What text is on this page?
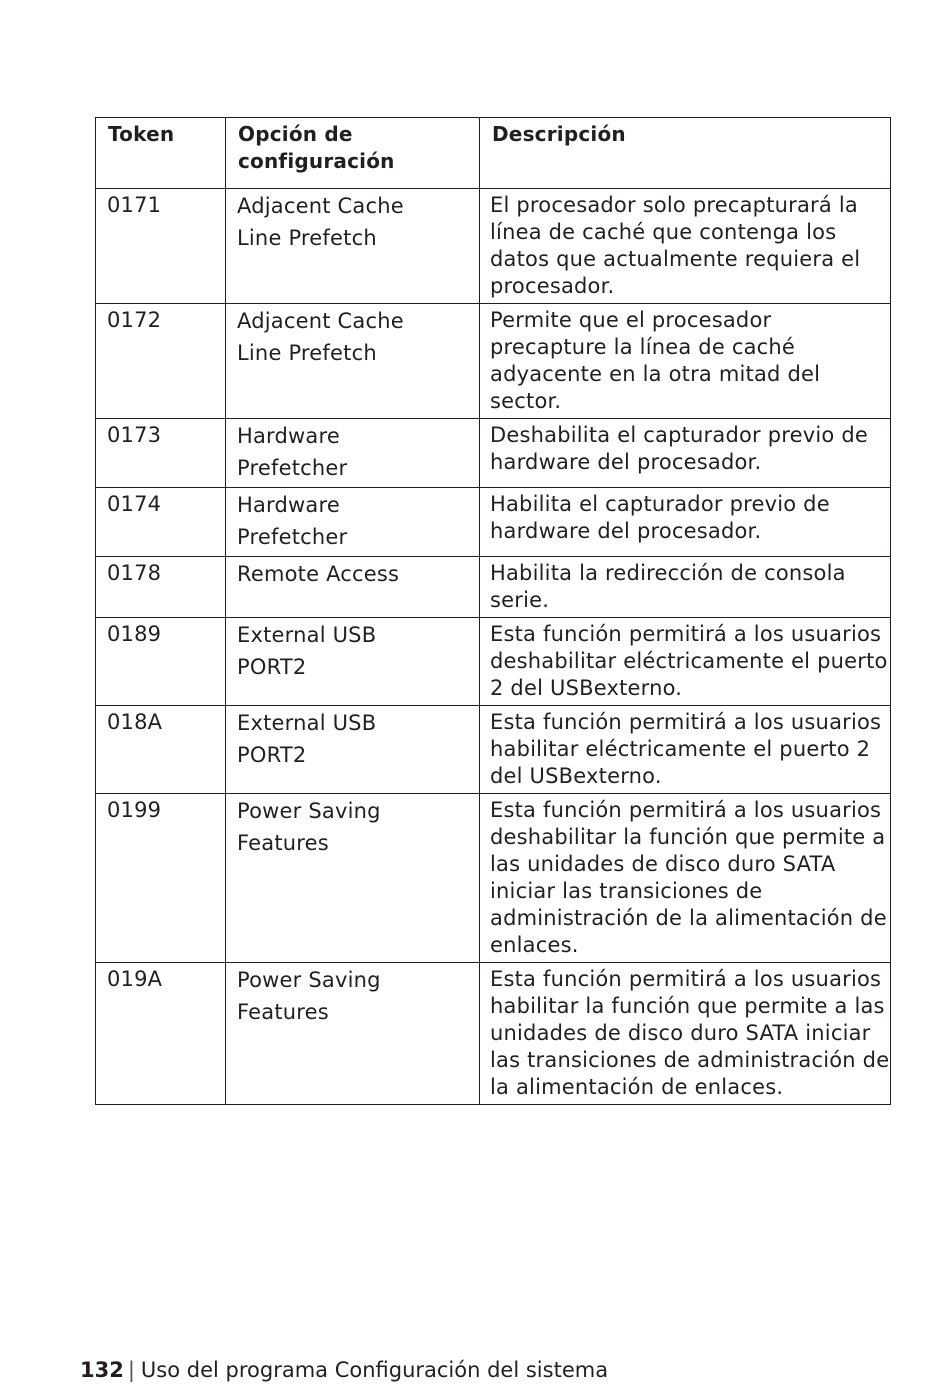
Token	Opción de configuración	Descripción

0171	Adjacent Cache Line Prefetch	El procesador solo precapturará la línea de caché que contenga los datos que actualmente requiera el procesador.

0172	Adjacent Cache Line Prefetch	Permite que el procesador precapture la línea de caché adyacente en la otra mitad del sector.

0173	Hardware Prefetcher	Deshabilita el capturador previo de hardware del procesador.

0174	Hardware Prefetcher	Habilita el capturador previo de hardware del procesador.

0178	Remote Access	Habilita la redirección de consola serie.

0189	External USB PORT2	Esta función permitirá a los usuarios deshabilitar eléctricamente el puerto 2 del USBexterno.

018A	External USB PORT2	Esta función permitirá a los usuarios habilitar eléctricamente el puerto 2 del USBexterno.

0199	Power Saving Features	Esta función permitirá a los usuarios deshabilitar la función que permite a las unidades de disco duro SATA iniciar las transiciones de administración de la alimentación de enlaces.

019A	Power Saving Features	Esta función permitirá a los usuarios habilitar la función que permite a las unidades de disco duro SATA iniciar las transiciones de administración de la alimentación de enlaces.
132 | Uso del programa Configuración del sistema
